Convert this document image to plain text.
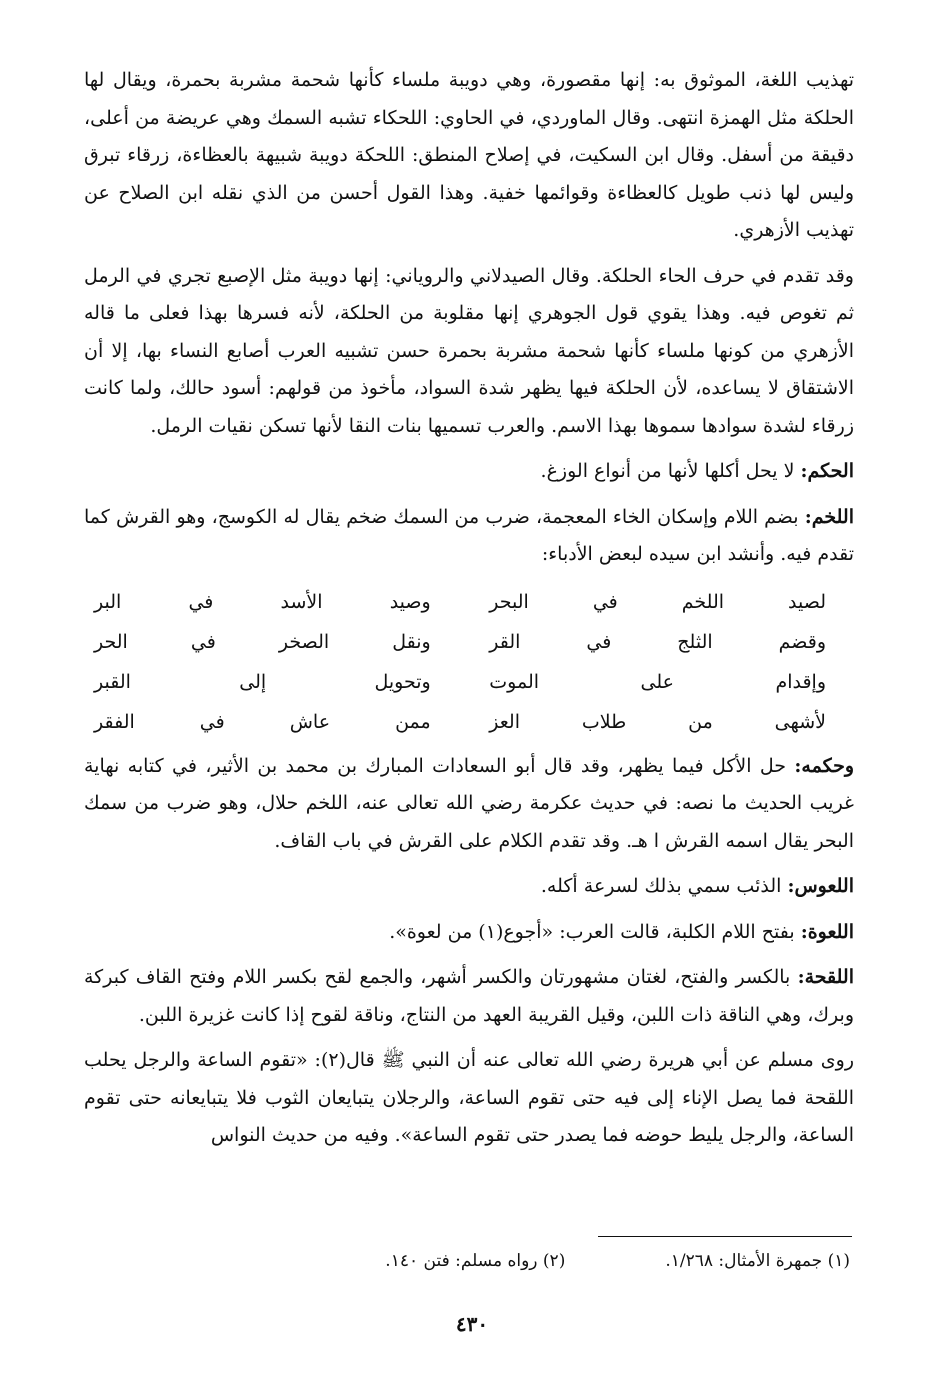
تهذيب اللغة، الموثوق به: إنها مقصورة، وهي دويبة ملساء كأنها شحمة مشربة بحمرة، ويقال لها الحلكة مثل الهمزة انتهى. وقال الماوردي، في الحاوي: اللحكاء تشبه السمك وهي عريضة من أعلى، دقيقة من أسفل. وقال ابن السكيت، في إصلاح المنطق: اللحكة دويبة شبيهة بالعظاءة، زرقاء تبرق وليس لها ذنب طويل كالعظاءة وقوائمها خفية. وهذا القول أحسن من الذي نقله ابن الصلاح عن تهذيب الأزهري.

وقد تقدم في حرف الحاء الحلكة. وقال الصيدلاني والروياني: إنها دويبة مثل الإصبع تجري في الرمل ثم تغوص فيه. وهذا يقوي قول الجوهري إنها مقلوبة من الحلكة، لأنه فسرها بهذا فعلى ما قاله الأزهري من كونها ملساء كأنها شحمة مشربة بحمرة حسن تشبيه العرب أصابع النساء بها، إلا أن الاشتقاق لا يساعده، لأن الحلكة فيها يظهر شدة السواد، مأخوذ من قولهم: أسود حالك، ولما كانت زرقاء لشدة سوادها سموها بهذا الاسم. والعرب تسميها بنات النقا لأنها تسكن نقيات الرمل.

الحكم: لا يحل أكلها لأنها من أنواع الوزغ.

اللخم: بضم اللام وإسكان الخاء المعجمة، ضرب من السمك ضخم يقال له الكوسج، وهو القرش كما تقدم فيه. وأنشد ابن سيده لبعض الأدباء:

لصيد اللخم في البحر
وصيد الأسد في البر
وقضم الثلج في القر
ونقل الصخر في الحر
وإقدام على الموت
وتحويل إلى القبر
لأشهى من طلاب العز
ممن عاش في الفقر

وحكمه: حل الأكل فيما يظهر، وقد قال أبو السعادات المبارك بن محمد بن الأثير، في كتابه نهاية غريب الحديث ما نصه: في حديث عكرمة رضي الله تعالى عنه، اللخم حلال، وهو ضرب من سمك البحر يقال اسمه القرش ا هـ. وقد تقدم الكلام على القرش في باب القاف.

اللعوس: الذئب سمي بذلك لسرعة أكله.

اللعوة: بفتح اللام الكلبة، قالت العرب: «أجوع(١) من لعوة».

اللقحة: بالكسر والفتح، لغتان مشهورتان والكسر أشهر، والجمع لقح بكسر اللام وفتح القاف كبركة وبرك، وهي الناقة ذات اللبن، وقيل القريبة العهد من النتاج، وناقة لقوح إذا كانت غزيرة اللبن.

روى مسلم عن أبي هريرة رضي الله تعالى عنه أن النبي ﷺ قال(٢): «تقوم الساعة والرجل يحلب اللقحة فما يصل الإناء إلى فيه حتى تقوم الساعة، والرجلان يتبايعان الثوب فلا يتبايعانه حتى تقوم الساعة، والرجل يليط حوضه فما يصدر حتى تقوم الساعة». وفيه من حديث النواس

(١) جمهرة الأمثال: ١/٢٦٨.
(٢) رواه مسلم: فتن ١٤٠.
٤٣٠
